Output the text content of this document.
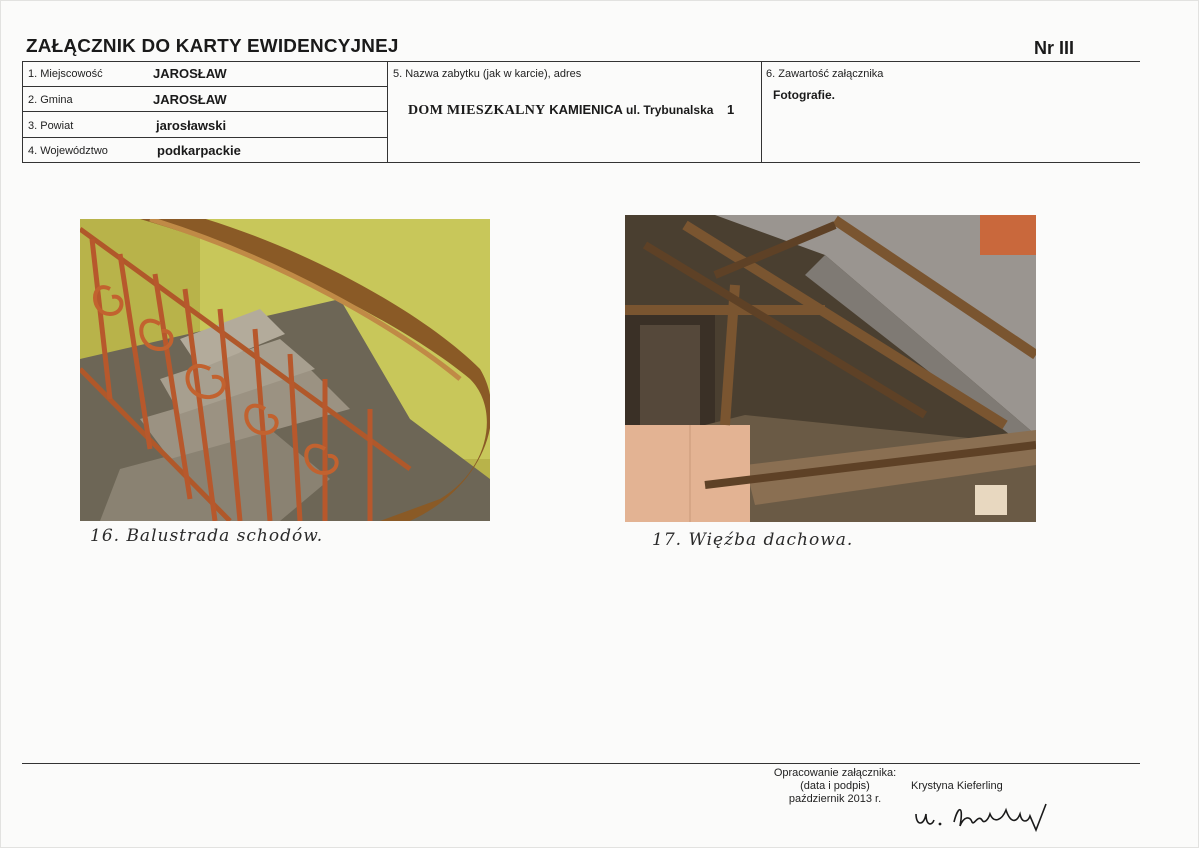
ZAŁĄCZNIK DO KARTY EWIDENCYJNEJ	Nr III
1. Miejscowość	JAROSŁAW
2. Gmina	JAROSŁAW
3. Powiat	jarosławski
4. Województwo	podkarpackie
5. Nazwa zabytku (jak w karcie), adres
DOM MIESZKALNY KAMIENICA ul. Trybunalska 1
6. Zawartość załącznika
Fotografie.
16. Balustrada schodów.	17. Więźba dachowa.
Opracowanie załącznika:
(data i podpis)
październik 2013 r.
Krystyna Kieferling
